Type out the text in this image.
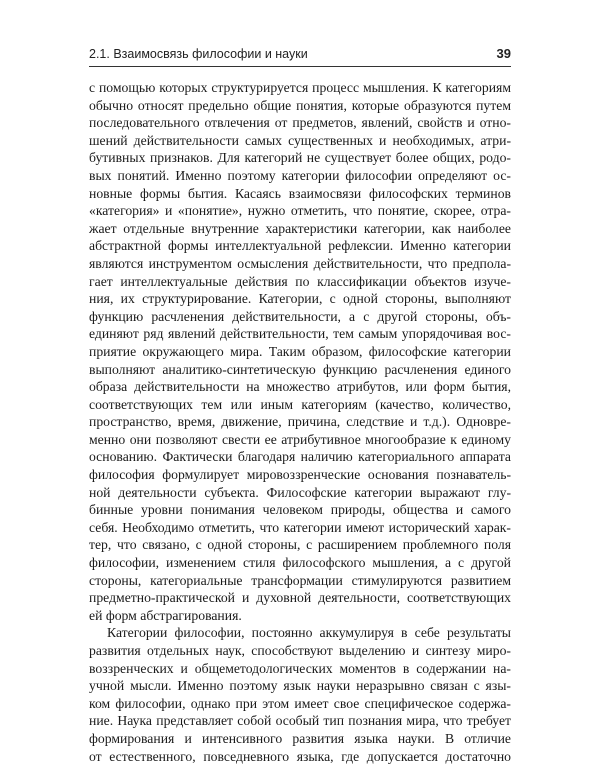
2.1. Взаимосвязь философии и науки	39

с помощью которых структурируется процесс мышления. К категориям

обычно относят предельно общие понятия, которые образуются путем

последовательного отвлечения от предметов, явлений, свойств и отно-

шений действительности самых существенных и необходимых, атри-

бутивных признаков. Для категорий не существует более общих, родо-

вых понятий. Именно поэтому категории философии определяют ос-

новные формы бытия. Касаясь взаимосвязи философских терминов

«категория» и «понятие», нужно отметить, что понятие, скорее, отра-

жает отдельные внутренние характеристики категории, как наиболее

абстрактной формы интеллектуальной рефлексии. Именно категории

являются инструментом осмысления действительности, что предпола-

гает интеллектуальные действия по классификации объектов изуче-

ния, их структурирование. Категории, с одной стороны, выполняют

функцию расчленения действительности, а с другой стороны, объ-

единяют ряд явлений действительности, тем самым упорядочивая вос-

приятие окружающего мира. Таким образом, философские категории

выполняют аналитико-синтетическую функцию расчленения единого

образа действительности на множество атрибутов, или форм бытия,

соответствующих тем или иным категориям (качество, количество,

пространство, время, движение, причина, следствие и т.д.). Одноврe-

менно они позволяют свести ее атрибутивное многообразие к единому

основанию. Фактически благодаря наличию категориального аппарата

философия формулирует мировоззренческие основания познаватель-

ной деятельности субъекта. Философские категории выражают глу-

бинные уровни понимания человеком природы, общества и самого

себя. Необходимо отметить, что категории имеют исторический харак-

тер, что связано, с одной стороны, с расширением проблемного поля

философии, изменением стиля философского мышления, а с другой

стороны, категориальные трансформации стимулируются развитием

предметно-практической и духовной деятельности, соответствующих

ей форм абстрагирования.

Категории философии, постоянно аккумулируя в себе результаты

развития отдельных наук, способствуют выделению и синтезу миро-

воззренческих и общеметодологических моментов в содержании на-

учной мысли. Именно поэтому язык науки неразрывно связан с язы-

ком философии, однако при этом имеет свое специфическое содержа-

ние. Наука представляет собой особый тип познания мира, что требует

формирования и интенсивного развития языка науки. В отличие

от естественного, повседневного языка, где допускается достаточно
